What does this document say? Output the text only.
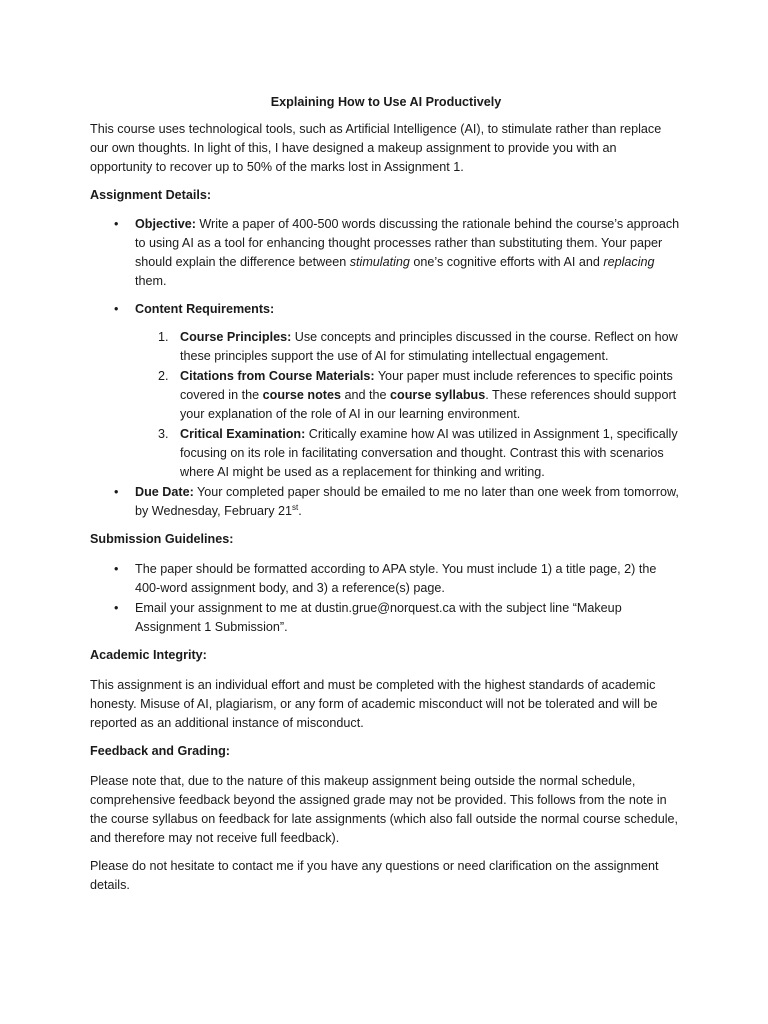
Explaining How to Use AI Productively

This course uses technological tools, such as Artificial Intelligence (AI), to stimulate rather than replace our own thoughts. In light of this, I have designed a makeup assignment to provide you with an opportunity to recover up to 50% of the marks lost in Assignment 1.

Assignment Details:
• Objective: Write a paper of 400-500 words discussing the rationale behind the course’s approach to using AI as a tool for enhancing thought processes rather than substituting them. Your paper should explain the difference between stimulating one’s cognitive efforts with AI and replacing them.
• Content Requirements:
1. Course Principles: Use concepts and principles discussed in the course. Reflect on how these principles support the use of AI for stimulating intellectual engagement.
2. Citations from Course Materials: Your paper must include references to specific points covered in the course notes and the course syllabus. These references should support your explanation of the role of AI in our learning environment.
3. Critical Examination: Critically examine how AI was utilized in Assignment 1, specifically focusing on its role in facilitating conversation and thought. Contrast this with scenarios where AI might be used as a replacement for thinking and writing.
• Due Date: Your completed paper should be emailed to me no later than one week from tomorrow, by Wednesday, February 21st.
Submission Guidelines:
• The paper should be formatted according to APA style. You must include 1) a title page, 2) the 400-word assignment body, and 3) a reference(s) page.
• Email your assignment to me at dustin.grue@norquest.ca with the subject line “Makeup Assignment 1 Submission”.
Academic Integrity:

This assignment is an individual effort and must be completed with the highest standards of academic honesty. Misuse of AI, plagiarism, or any form of academic misconduct will not be tolerated and will be reported as an additional instance of misconduct.

Feedback and Grading:

Please note that, due to the nature of this makeup assignment being outside the normal schedule, comprehensive feedback beyond the assigned grade may not be provided. This follows from the note in the course syllabus on feedback for late assignments (which also fall outside the normal course schedule, and therefore may not receive full feedback).

Please do not hesitate to contact me if you have any questions or need clarification on the assignment details.
